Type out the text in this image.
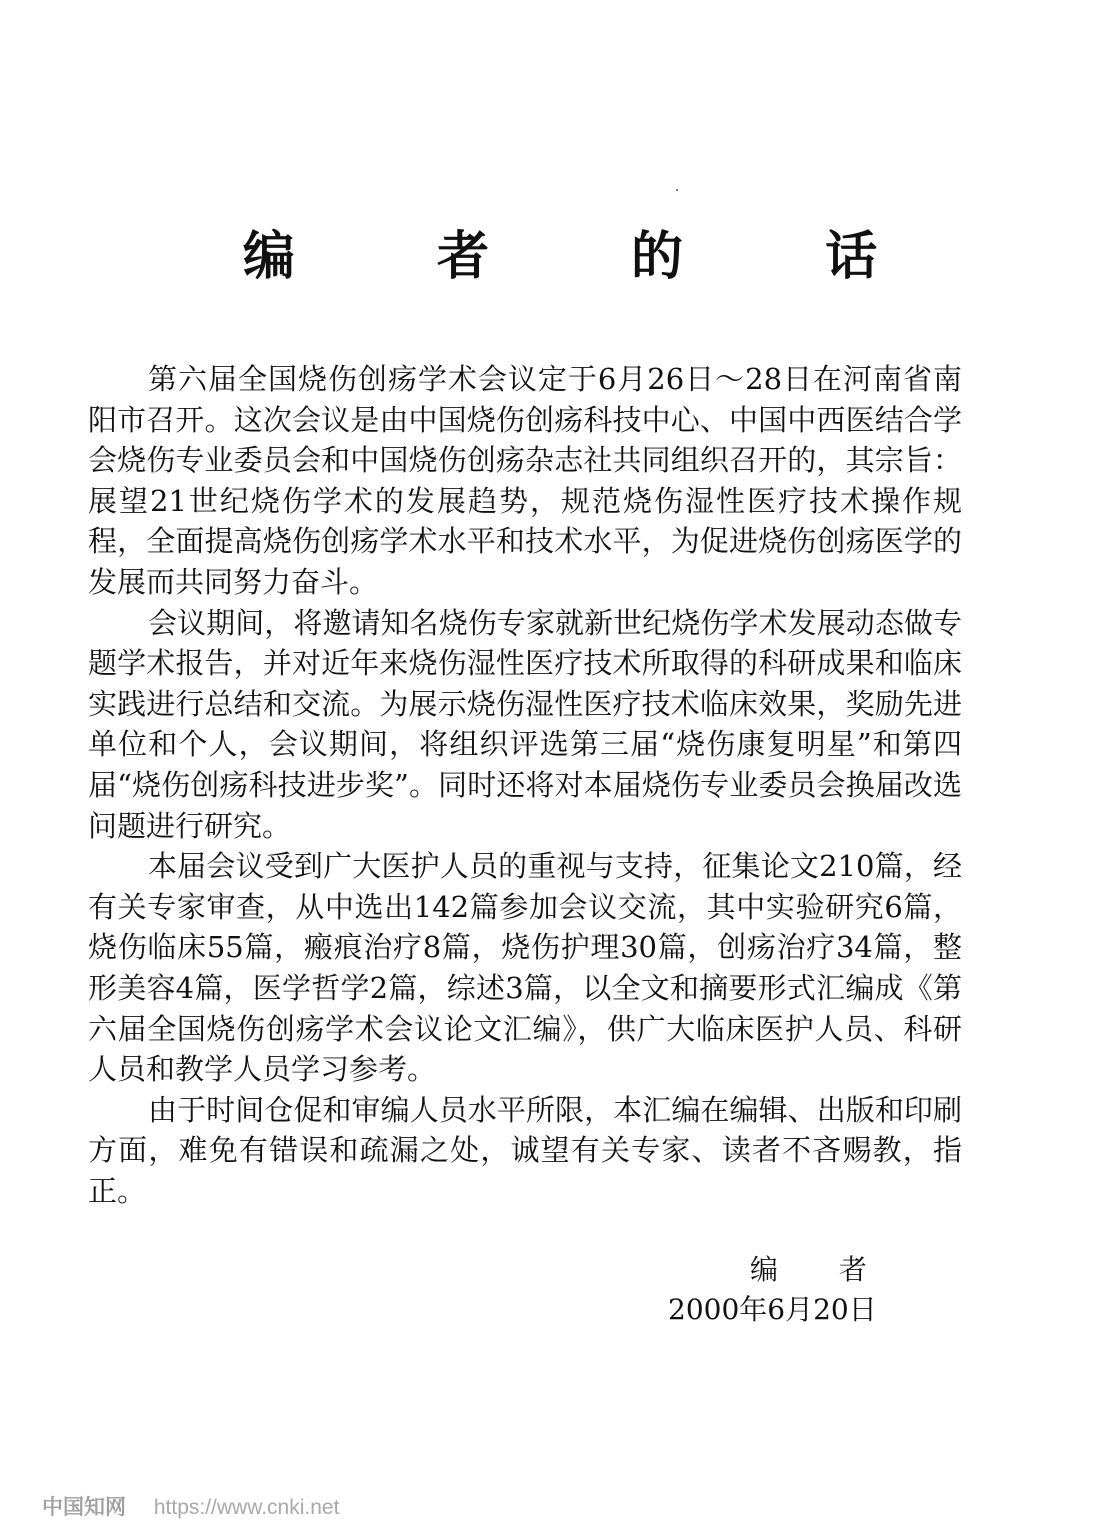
编 者 的 话

第六届全国烧伤创疡学术会议定于6月26日～28日在河南省南阳市召开。这次会议是由中国烧伤创疡科技中心、中国中西医结合学会烧伤专业委员会和中国烧伤创疡杂志社共同组织召开的，其宗旨：展望21世纪烧伤学术的发展趋势，规范烧伤湿性医疗技术操作规程，全面提高烧伤创疡学术水平和技术水平，为促进烧伤创疡医学的发展而共同努力奋斗。

会议期间，将邀请知名烧伤专家就新世纪烧伤学术发展动态做专题学术报告，并对近年来烧伤湿性医疗技术所取得的科研成果和临床实践进行总结和交流。为展示烧伤湿性医疗技术临床效果，奖励先进单位和个人，会议期间，将组织评选第三届“烧伤康复明星”和第四届“烧伤创疡科技进步奖”。同时还将对本届烧伤专业委员会换届改选问题进行研究。

本届会议受到广大医护人员的重视与支持，征集论文210篇，经有关专家审查，从中选出142篇参加会议交流，其中实验研究6篇，烧伤临床55篇，瘢痕治疗8篇，烧伤护理30篇，创疡治疗34篇，整形美容4篇，医学哲学2篇，综述3篇，以全文和摘要形式汇编成《第六届全国烧伤创疡学术会议论文汇编》，供广大临床医护人员、科研人员和教学人员学习参考。

由于时间仓促和审编人员水平所限，本汇编在编辑、出版和印刷方面，难免有错误和疏漏之处，诚望有关专家、读者不吝赐教，指正。

编 者
2000年6月20日
中国知网 https://www.cnki.net
